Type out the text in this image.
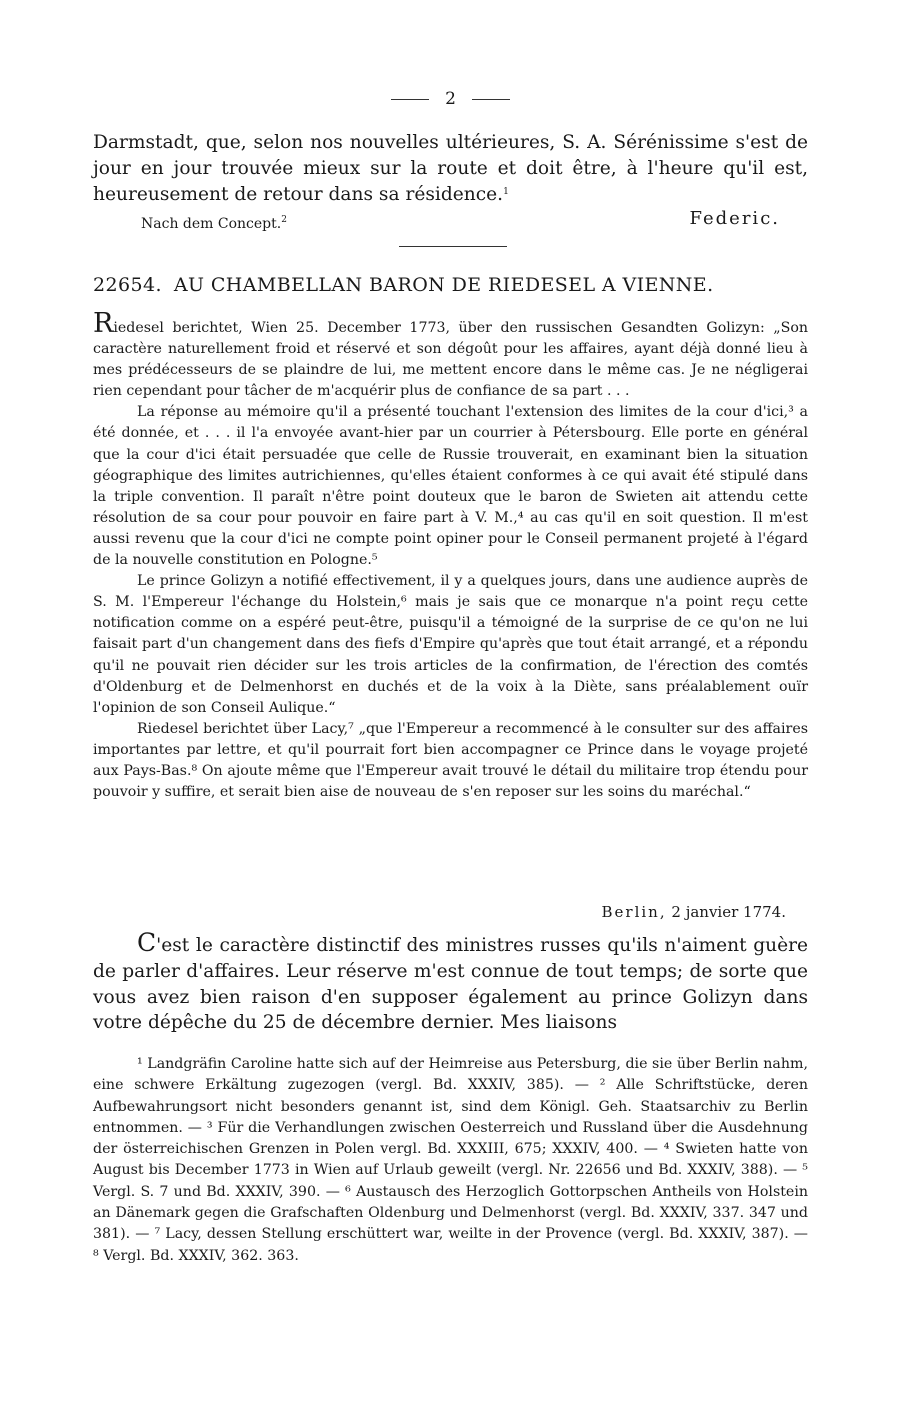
2
Darmstadt, que, selon nos nouvelles ultérieures, S. A. Sérénissime s'est de jour en jour trouvée mieux sur la route et doit être, à l'heure qu'il est, heureusement de retour dans sa résidence.$^1$
Nach dem Concept.$^2$	Federic.
22654. AU CHAMBELLAN BARON DE RIEDESEL A VIENNE.

Riedesel berichtet, Wien 25. December 1773, über den russischen Gesandten Golizyn: „Son caractère naturellement froid et réservé et son dégoût pour les affaires, ayant déjà donné lieu à mes prédécesseurs de se plaindre de lui, me mettent encore dans le même cas. Je ne négligerai rien cependant pour tâcher de m'acquérir plus de confiance de sa part . . .

La réponse au mémoire qu'il a présenté touchant l'extension des limites de la cour d'ici,³ a été donnée, et . . . il l'a envoyée avant-hier par un courrier à Pétersbourg. Elle porte en général que la cour d'ici était persuadée que celle de Russie trouverait, en examinant bien la situation géographique des limites autrichiennes, qu'elles étaient conformes à ce qui avait été stipulé dans la triple convention. Il paraît n'être point douteux que le baron de Swieten ait attendu cette résolution de sa cour pour pouvoir en faire part à V. M.,⁴ au cas qu'il en soit question. Il m'est aussi revenu que la cour d'ici ne compte point opiner pour le Conseil permanent projeté à l'égard de la nouvelle constitution en Pologne.⁵

Le prince Golizyn a notifié effectivement, il y a quelques jours, dans une audience auprès de S. M. l'Empereur l'échange du Holstein,⁶ mais je sais que ce monarque n'a point reçu cette notification comme on a espéré peut-être, puisqu'il a témoigné de la surprise de ce qu'on ne lui faisait part d'un changement dans des fiefs d'Empire qu'après que tout était arrangé, et a répondu qu'il ne pouvait rien décider sur les trois articles de la confirmation, de l'érection des comtés d'Oldenburg et de Delmenhorst en duchés et de la voix à la Diète, sans préalablement ouïr l'opinion de son Conseil Aulique.“

Riedesel berichtet über Lacy,⁷ „que l'Empereur a recommencé à le consulter sur des affaires importantes par lettre, et qu'il pourrait fort bien accompagner ce Prince dans le voyage projeté aux Pays-Bas.⁸ On ajoute même que l'Empereur avait trouvé le détail du militaire trop étendu pour pouvoir y suffire, et serait bien aise de nouveau de s'en reposer sur les soins du maréchal.“

Berlin, 2 janvier 1774.
C'est le caractère distinctif des ministres russes qu'ils n'aiment guère de parler d'affaires. Leur réserve m'est connue de tout temps; de sorte que vous avez bien raison d'en supposer également au prince Golizyn dans votre dépêche du 25 de décembre dernier. Mes liaisons

¹ Landgräfin Caroline hatte sich auf der Heimreise aus Petersburg, die sie über Berlin nahm, eine schwere Erkältung zugezogen (vergl. Bd. XXXIV, 385). — ² Alle Schriftstücke, deren Aufbewahrungsort nicht besonders genannt ist, sind dem Königl. Geh. Staatsarchiv zu Berlin entnommen. — ³ Für die Verhandlungen zwischen Oesterreich und Russland über die Ausdehnung der österreichischen Grenzen in Polen vergl. Bd. XXXIII, 675; XXXIV, 400. — ⁴ Swieten hatte von August bis December 1773 in Wien auf Urlaub geweilt (vergl. Nr. 22656 und Bd. XXXIV, 388). — ⁵ Vergl. S. 7 und Bd. XXXIV, 390. — ⁶ Austausch des Herzoglich Gottorpschen Antheils von Holstein an Dänemark gegen die Grafschaften Oldenburg und Delmenhorst (vergl. Bd. XXXIV, 337. 347 und 381). — ⁷ Lacy, dessen Stellung erschüttert war, weilte in der Provence (vergl. Bd. XXXIV, 387). — ⁸ Vergl. Bd. XXXIV, 362. 363.
